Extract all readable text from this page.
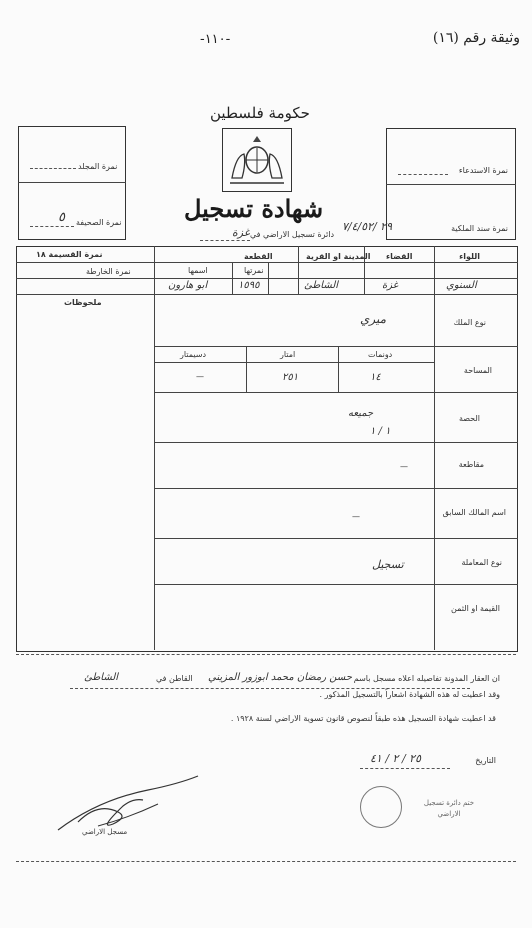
وثيقة رقم (١٦)
-١١٠-
حكومة فلسطين
شهادة تسجيل
نمرة المجلد
نمرة الصحيفة
٥
نمرة الاستدعاء
نمرة سند الملكية
٢٩ /٧/٤/٥٢
دائرة تسجيل الاراضي في
غزة
اللواء
القضاء
المدينة او القرية
القطعة
نمرة القسيمة ١٨
نمرة الخارطة	نمرتها
اسمها
السنوي
غزة
الشاطئ
١٥٩٥
ابو هارون
ملحوظات
نوع الملك
ميري
المساحة
دونمات
امتار
دسيمتار
١٤
٢٥١
—
الحصة
جميعه
١ / ١
مقاطعة
—
اسم المالك السابق
—
نوع المعاملة
تسجيل
القيمة او الثمن
ان العقار المدونة تفاصيله اعلاه مسجل باسم
حسن رمضان محمد ابوزور المزيني
القاطن في
الشاطئ
وقد اعطيت له هذه الشهادة اشعاراً بالتسجيل المذكور .
قد اعطيت شهادة التسجيل هذه طبقاً لنصوص قانون تسوية الاراضي لسنة ١٩٢٨ .
التاريخ
٢٥ / ٢ / ٤١
ختم دائرة تسجيل الاراضي
مسجل الاراضي
